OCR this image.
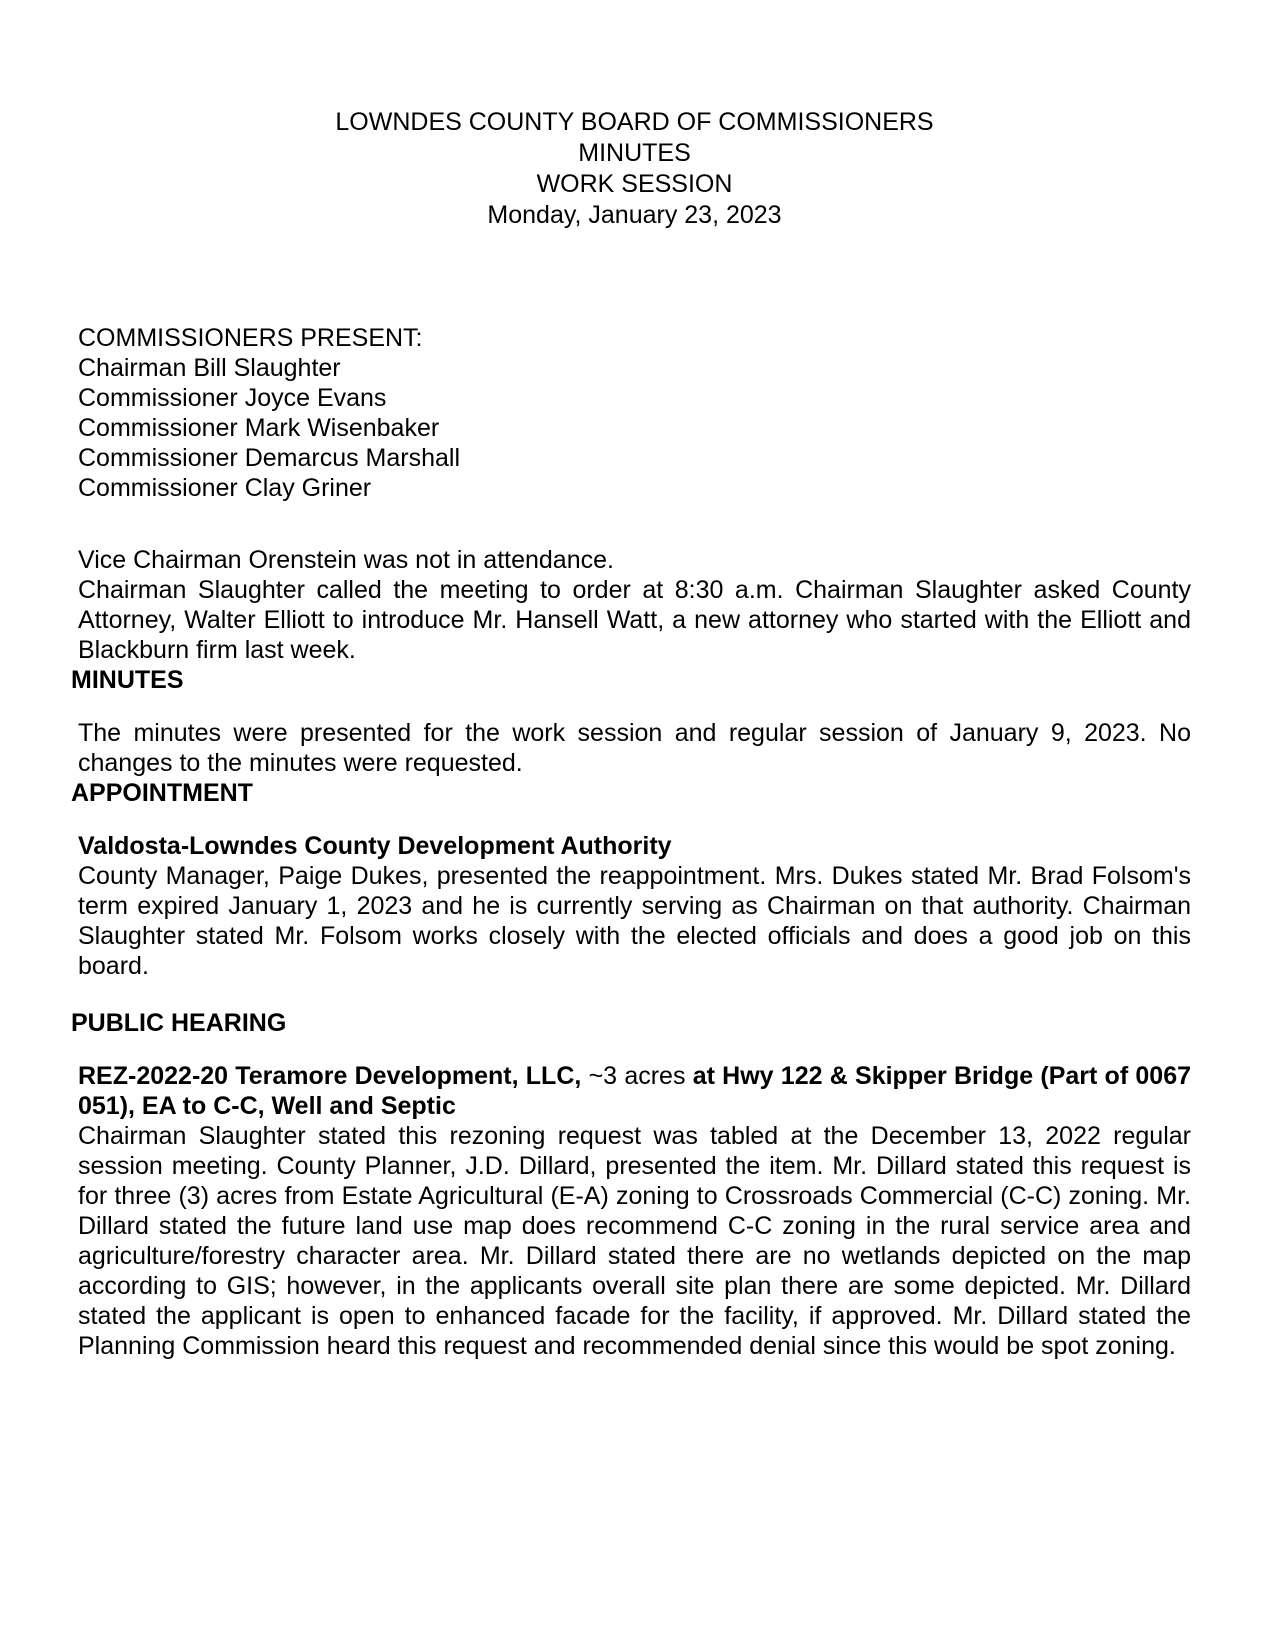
LOWNDES COUNTY BOARD OF COMMISSIONERS
MINUTES
WORK SESSION
Monday, January 23, 2023
COMMISSIONERS PRESENT:
Chairman Bill Slaughter
Commissioner Joyce Evans
Commissioner Mark Wisenbaker
Commissioner Demarcus Marshall
Commissioner Clay Griner

Vice Chairman Orenstein was not in attendance.

Chairman Slaughter called the meeting to order at 8:30 a.m. Chairman Slaughter asked County Attorney, Walter Elliott to introduce Mr. Hansell Watt, a new attorney who started with the Elliott and Blackburn firm last week.

MINUTES

The minutes were presented for the work session and regular session of January 9, 2023. No changes to the minutes were requested.

APPOINTMENT
Valdosta-Lowndes County Development Authority

County Manager, Paige Dukes, presented the reappointment. Mrs. Dukes stated Mr. Brad Folsom's term expired January 1, 2023 and he is currently serving as Chairman on that authority. Chairman Slaughter stated Mr. Folsom works closely with the elected officials and does a good job on this board.

PUBLIC HEARING
REZ-2022-20 Teramore Development, LLC, ~3 acres at Hwy 122 & Skipper Bridge (Part of 0067 051), EA to C-C, Well and Septic

Chairman Slaughter stated this rezoning request was tabled at the December 13, 2022 regular session meeting. County Planner, J.D. Dillard, presented the item. Mr. Dillard stated this request is for three (3) acres from Estate Agricultural (E-A) zoning to Crossroads Commercial (C-C) zoning. Mr. Dillard stated the future land use map does recommend C-C zoning in the rural service area and agriculture/forestry character area. Mr. Dillard stated there are no wetlands depicted on the map according to GIS; however, in the applicants overall site plan there are some depicted. Mr. Dillard stated the applicant is open to enhanced facade for the facility, if approved. Mr. Dillard stated the Planning Commission heard this request and recommended denial since this would be spot zoning.
